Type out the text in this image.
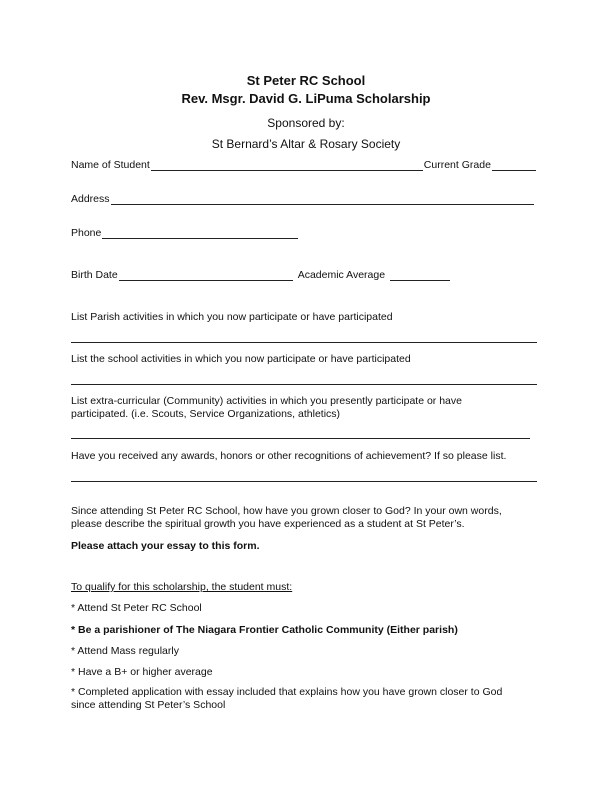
St Peter RC School
Rev. Msgr. David G. LiPuma Scholarship
Sponsored by:
St Bernard’s Altar & Rosary Society
Name of Student	Current Grade
Address
Phone
Birth Date	Academic Average
List Parish activities in which you now participate or have participated
List the school activities in which you now participate or have participated
List extra-curricular (Community) activities in which you presently participate or have
participated. (i.e. Scouts, Service Organizations, athletics)
Have you received any awards, honors or other recognitions of achievement? If so please list.
Since attending St Peter RC School, how have you grown closer to God? In your own words,
please describe the spiritual growth you have experienced as a student at St Peter’s.
Please attach your essay to this form.
To qualify for this scholarship, the student must:
* Attend St Peter RC School
* Be a parishioner of The Niagara Frontier Catholic Community (Either parish)
* Attend Mass regularly
* Have a B+ or higher average
* Completed application with essay included that explains how you have grown closer to God
since attending St Peter’s School
